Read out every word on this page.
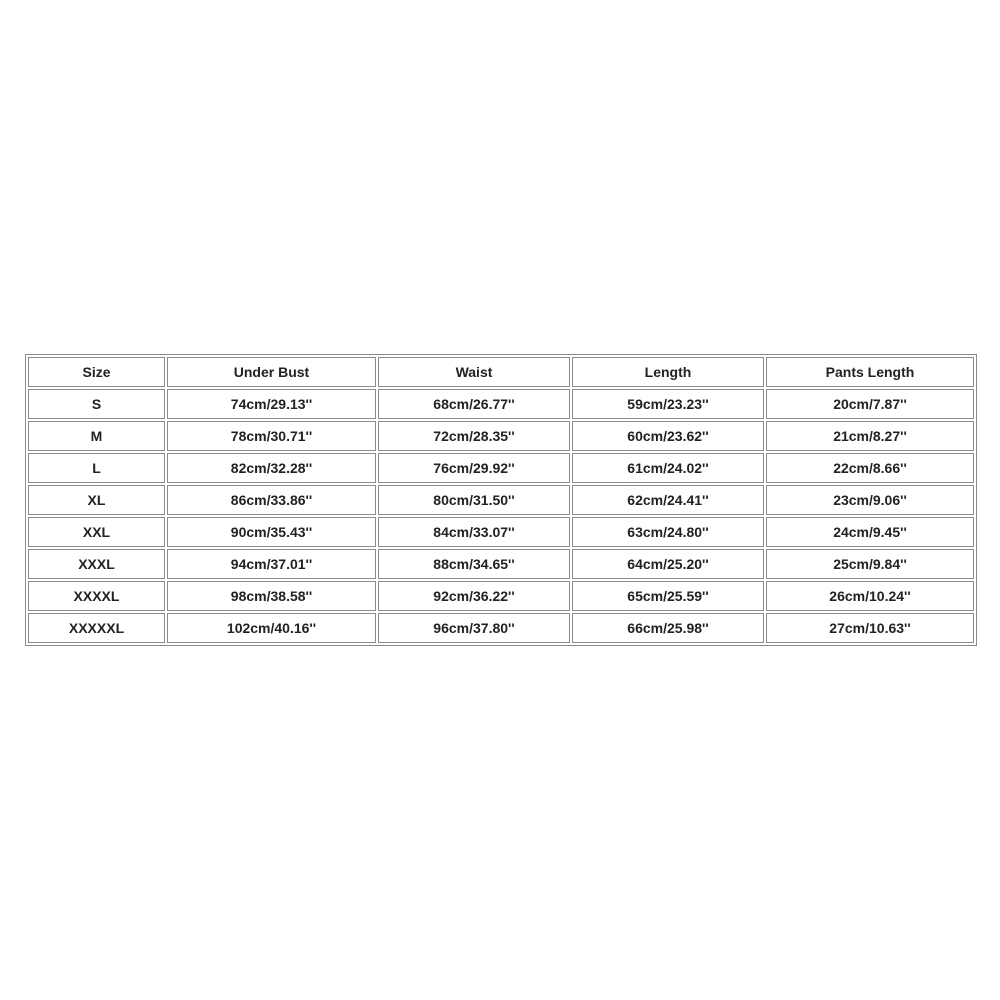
Size	Under Bust	Waist	Length	Pants Length
S	74cm/29.13''	68cm/26.77''	59cm/23.23''	20cm/7.87''
M	78cm/30.71''	72cm/28.35''	60cm/23.62''	21cm/8.27''
L	82cm/32.28''	76cm/29.92''	61cm/24.02''	22cm/8.66''
XL	86cm/33.86''	80cm/31.50''	62cm/24.41''	23cm/9.06''
XXL	90cm/35.43''	84cm/33.07''	63cm/24.80''	24cm/9.45''
XXXL	94cm/37.01''	88cm/34.65''	64cm/25.20''	25cm/9.84''
XXXXL	98cm/38.58''	92cm/36.22''	65cm/25.59''	26cm/10.24''
XXXXXL	102cm/40.16''	96cm/37.80''	66cm/25.98''	27cm/10.63''
